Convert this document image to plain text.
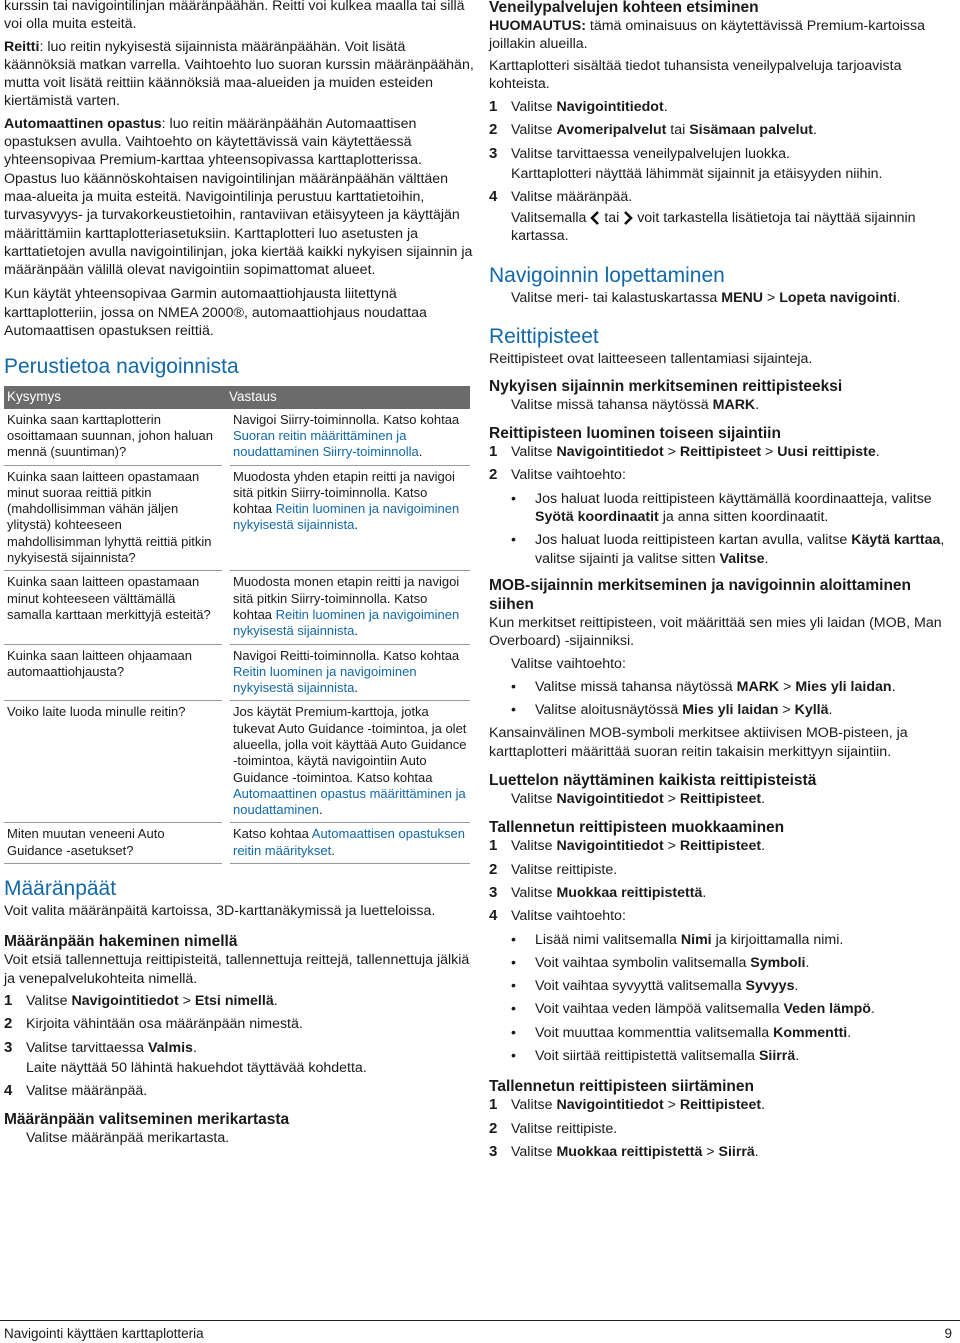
kurssin tai navigointilinjan määränpäähän. Reitti voi kulkea maalla tai sillä voi olla muita esteitä.

Reitti: luo reitin nykyisestä sijainnista määränpäähän. Voit lisätä käännöksiä matkan varrella. Vaihtoehto luo suoran kurssin määränpäähän, mutta voit lisätä reittiin käännöksiä maa-alueiden ja muiden esteiden kiertämistä varten.

Automaattinen opastus: luo reitin määränpäähän Automaattisen opastuksen avulla. Vaihtoehto on käytettävissä vain käytettäessä yhteensopivaa Premium-karttaa yhteensopivassa karttaplotterissa. Opastus luo käännöskohtaisen navigointilinjan määränpäähän välttäen maa-alueita ja muita esteitä. Navigointilinja perustuu karttatietoihin, turvasyvyys- ja turvakorkeustietoihin, rantaviivan etäisyyteen ja käyttäjän määrittämiin karttaplotteriasetuksiin. Karttaplotteri luo asetusten ja karttatietojen avulla navigointilinjan, joka kiertää kaikki nykyisen sijainnin ja määränpään välillä olevat navigointiin sopimattomat alueet.

Kun käytät yhteensopivaa Garmin automaattiohjausta liitettynä karttaplotteriin, jossa on NMEA 2000®, automaattiohjaus noudattaa Automaattisen opastuksen reittiä.

Perustietoa navigoinnista
Kysymys	Vastaus
Kuinka saan karttaplotterin osoittamaan suunnan, johon haluan mennä (suuntiman)?	Navigoi Siirry-toiminnolla. Katso kohtaa Suoran reitin määrittäminen ja noudattaminen Siirry-toiminnolla.
Kuinka saan laitteen opastamaan minut suoraa reittiä pitkin (mahdollisimman vähän jäljen ylitystä) kohteeseen mahdollisimman lyhyttä reittiä pitkin nykyisestä sijainnista?	Muodosta yhden etapin reitti ja navigoi sitä pitkin Siirry-toiminnolla. Katso kohtaa Reitin luominen ja navigoiminen nykyisestä sijainnista.
Kuinka saan laitteen opastamaan minut kohteeseen välttämällä samalla karttaan merkittyjä esteitä?	Muodosta monen etapin reitti ja navigoi sitä pitkin Siirry-toiminnolla. Katso kohtaa Reitin luominen ja navigoiminen nykyisestä sijainnista.
Kuinka saan laitteen ohjaamaan automaattiohjausta?	Navigoi Reitti-toiminnolla. Katso kohtaa Reitin luominen ja navigoiminen nykyisestä sijainnista.
Voiko laite luoda minulle reitin?	Jos käytät Premium-karttoja, jotka tukevat Auto Guidance -toimintoa, ja olet alueella, jolla voit käyttää Auto Guidance -toimintoa, käytä navigointiin Auto Guidance -toimintoa. Katso kohtaa Automaattinen opastus määrittäminen ja noudattaminen.
Miten muutan veneeni Auto Guidance -asetukset?	Katso kohtaa Automaattisen opastuksen reitin määritykset.
Määränpäät

Voit valita määränpäitä kartoissa, 3D-karttanäkymissä ja luetteloissa.

Määränpään hakeminen nimellä

Voit etsiä tallennettuja reittipisteitä, tallennettuja reittejä, tallennettuja jälkiä ja venepalvelukohteita nimellä.

1 Valitse Navigointitiedot > Etsi nimellä.
2 Kirjoita vähintään osa määränpään nimestä.
3 Valitse tarvittaessa Valmis.

Laite näyttää 50 lähintä hakuehdot täyttävää kohdetta.

4 Valitse määränpää.
Määränpään valitseminen merikartasta

Valitse määränpää merikartasta.

Veneilypalvelujen kohteen etsiminen

HUOMAUTUS: tämä ominaisuus on käytettävissä Premium-kartoissa joillakin alueilla.

Karttaplotteri sisältää tiedot tuhansista veneilypalveluja tarjoavista kohteista.

1 Valitse Navigointitiedot.
2 Valitse Avomeripalvelut tai Sisämaan palvelut.
3 Valitse tarvittaessa veneilypalvelujen luokka.

Karttaplotteri näyttää lähimmät sijainnit ja etäisyyden niihin.

4 Valitse määränpää.

Valitsemalla  tai  voit tarkastella lisätietoja tai näyttää sijainnin kartassa.

Navigoinnin lopettaminen

Valitse meri- tai kalastuskartassa MENU > Lopeta navigointi.

Reittipisteet

Reittipisteet ovat laitteeseen tallentamiasi sijainteja.

Nykyisen sijainnin merkitseminen reittipisteeksi

Valitse missä tahansa näytössä MARK.

Reittipisteen luominen toiseen sijaintiin
1 Valitse Navigointitiedot > Reittipisteet > Uusi reittipiste.
2 Valitse vaihtoehto:
•	Jos haluat luoda reittipisteen käyttämällä koordinaatteja, valitse Syötä koordinaatit ja anna sitten koordinaatit.
•	Jos haluat luoda reittipisteen kartan avulla, valitse Käytä karttaa, valitse sijainti ja valitse sitten Valitse.
MOB-sijainnin merkitseminen ja navigoinnin aloittaminen siihen

Kun merkitset reittipisteen, voit määrittää sen mies yli laidan (MOB, Man Overboard) -sijainniksi.

Valitse vaihtoehto:

•	Valitse missä tahansa näytössä MARK > Mies yli laidan.
•	Valitse aloitusnäytössä Mies yli laidan > Kyllä.

Kansainvälinen MOB-symboli merkitsee aktiivisen MOB-pisteen, ja karttaplotteri määrittää suoran reitin takaisin merkittyyn sijaintiin.

Luettelon näyttäminen kaikista reittipisteistä

Valitse Navigointitiedot > Reittipisteet.

Tallennetun reittipisteen muokkaaminen
1 Valitse Navigointitiedot > Reittipisteet.
2 Valitse reittipiste.
3 Valitse Muokkaa reittipistettä.
4 Valitse vaihtoehto:
•	Lisää nimi valitsemalla Nimi ja kirjoittamalla nimi.
•	Voit vaihtaa symbolin valitsemalla Symboli.
•	Voit vaihtaa syvyyttä valitsemalla Syvyys.
•	Voit vaihtaa veden lämpöä valitsemalla Veden lämpö.
•	Voit muuttaa kommenttia valitsemalla Kommentti.
•	Voit siirtää reittipistettä valitsemalla Siirrä.
Tallennetun reittipisteen siirtäminen
1 Valitse Navigointitiedot > Reittipisteet.
2 Valitse reittipiste.
3 Valitse Muokkaa reittipistettä > Siirrä.
Navigointi käyttäen karttaplotteria	9
